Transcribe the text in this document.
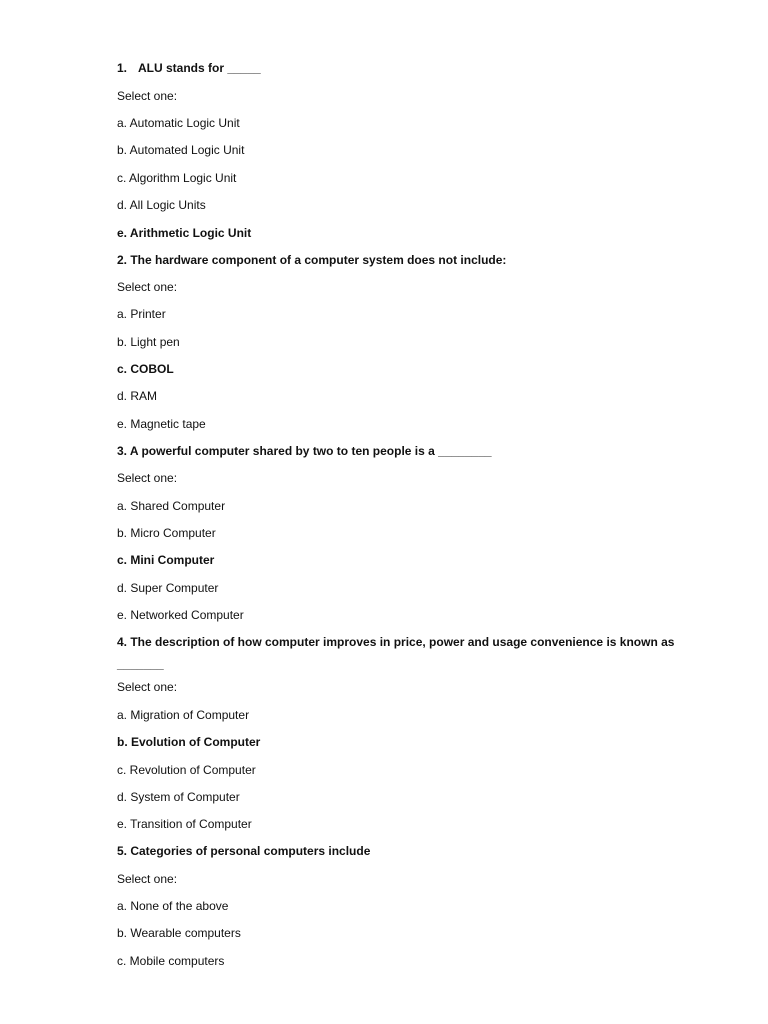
1. ALU stands for _____
Select one:
a. Automatic Logic Unit
b. Automated Logic Unit
c. Algorithm Logic Unit
d. All Logic Units
e. Arithmetic Logic Unit
2. The hardware component of a computer system does not include:
Select one:
a. Printer
b. Light pen
c. COBOL
d. RAM
e. Magnetic tape
3. A powerful computer shared by two to ten people is a ________
Select one:
a. Shared Computer
b. Micro Computer
c. Mini Computer
d. Super Computer
e. Networked Computer
4. The description of how computer improves in price, power and usage convenience is known as
_______
Select one:
a. Migration of Computer
b. Evolution of Computer
c. Revolution of Computer
d. System of Computer
e. Transition of Computer
5. Categories of personal computers include
Select one:
a. None of the above
b. Wearable computers
c. Mobile computers
